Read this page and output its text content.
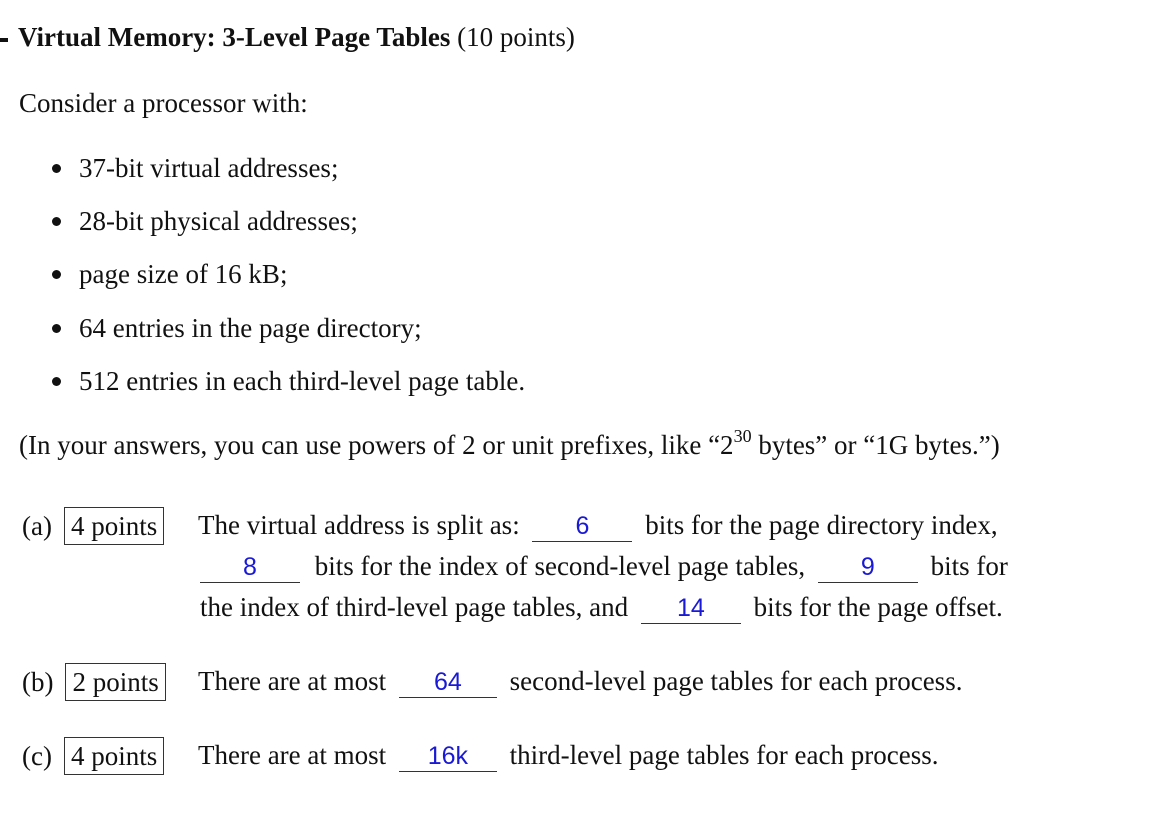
Virtual Memory: 3-Level Page Tables (10 points)
Consider a processor with:
37-bit virtual addresses;
28-bit physical addresses;
page size of 16 kB;
64 entries in the page directory;
512 entries in each third-level page table.
(In your answers, you can use powers of 2 or unit prefixes, like “$2^{30}$ bytes” or “1G bytes.”)
(a) 4 points The virtual address is split as: 6 bits for the page directory index,
8 bits for the index of second-level page tables, 9 bits for
the index of third-level page tables, and 14 bits for the page offset.
(b) 2 points There are at most 64 second-level page tables for each process.
(c) 4 points There are at most 16k third-level page tables for each process.
